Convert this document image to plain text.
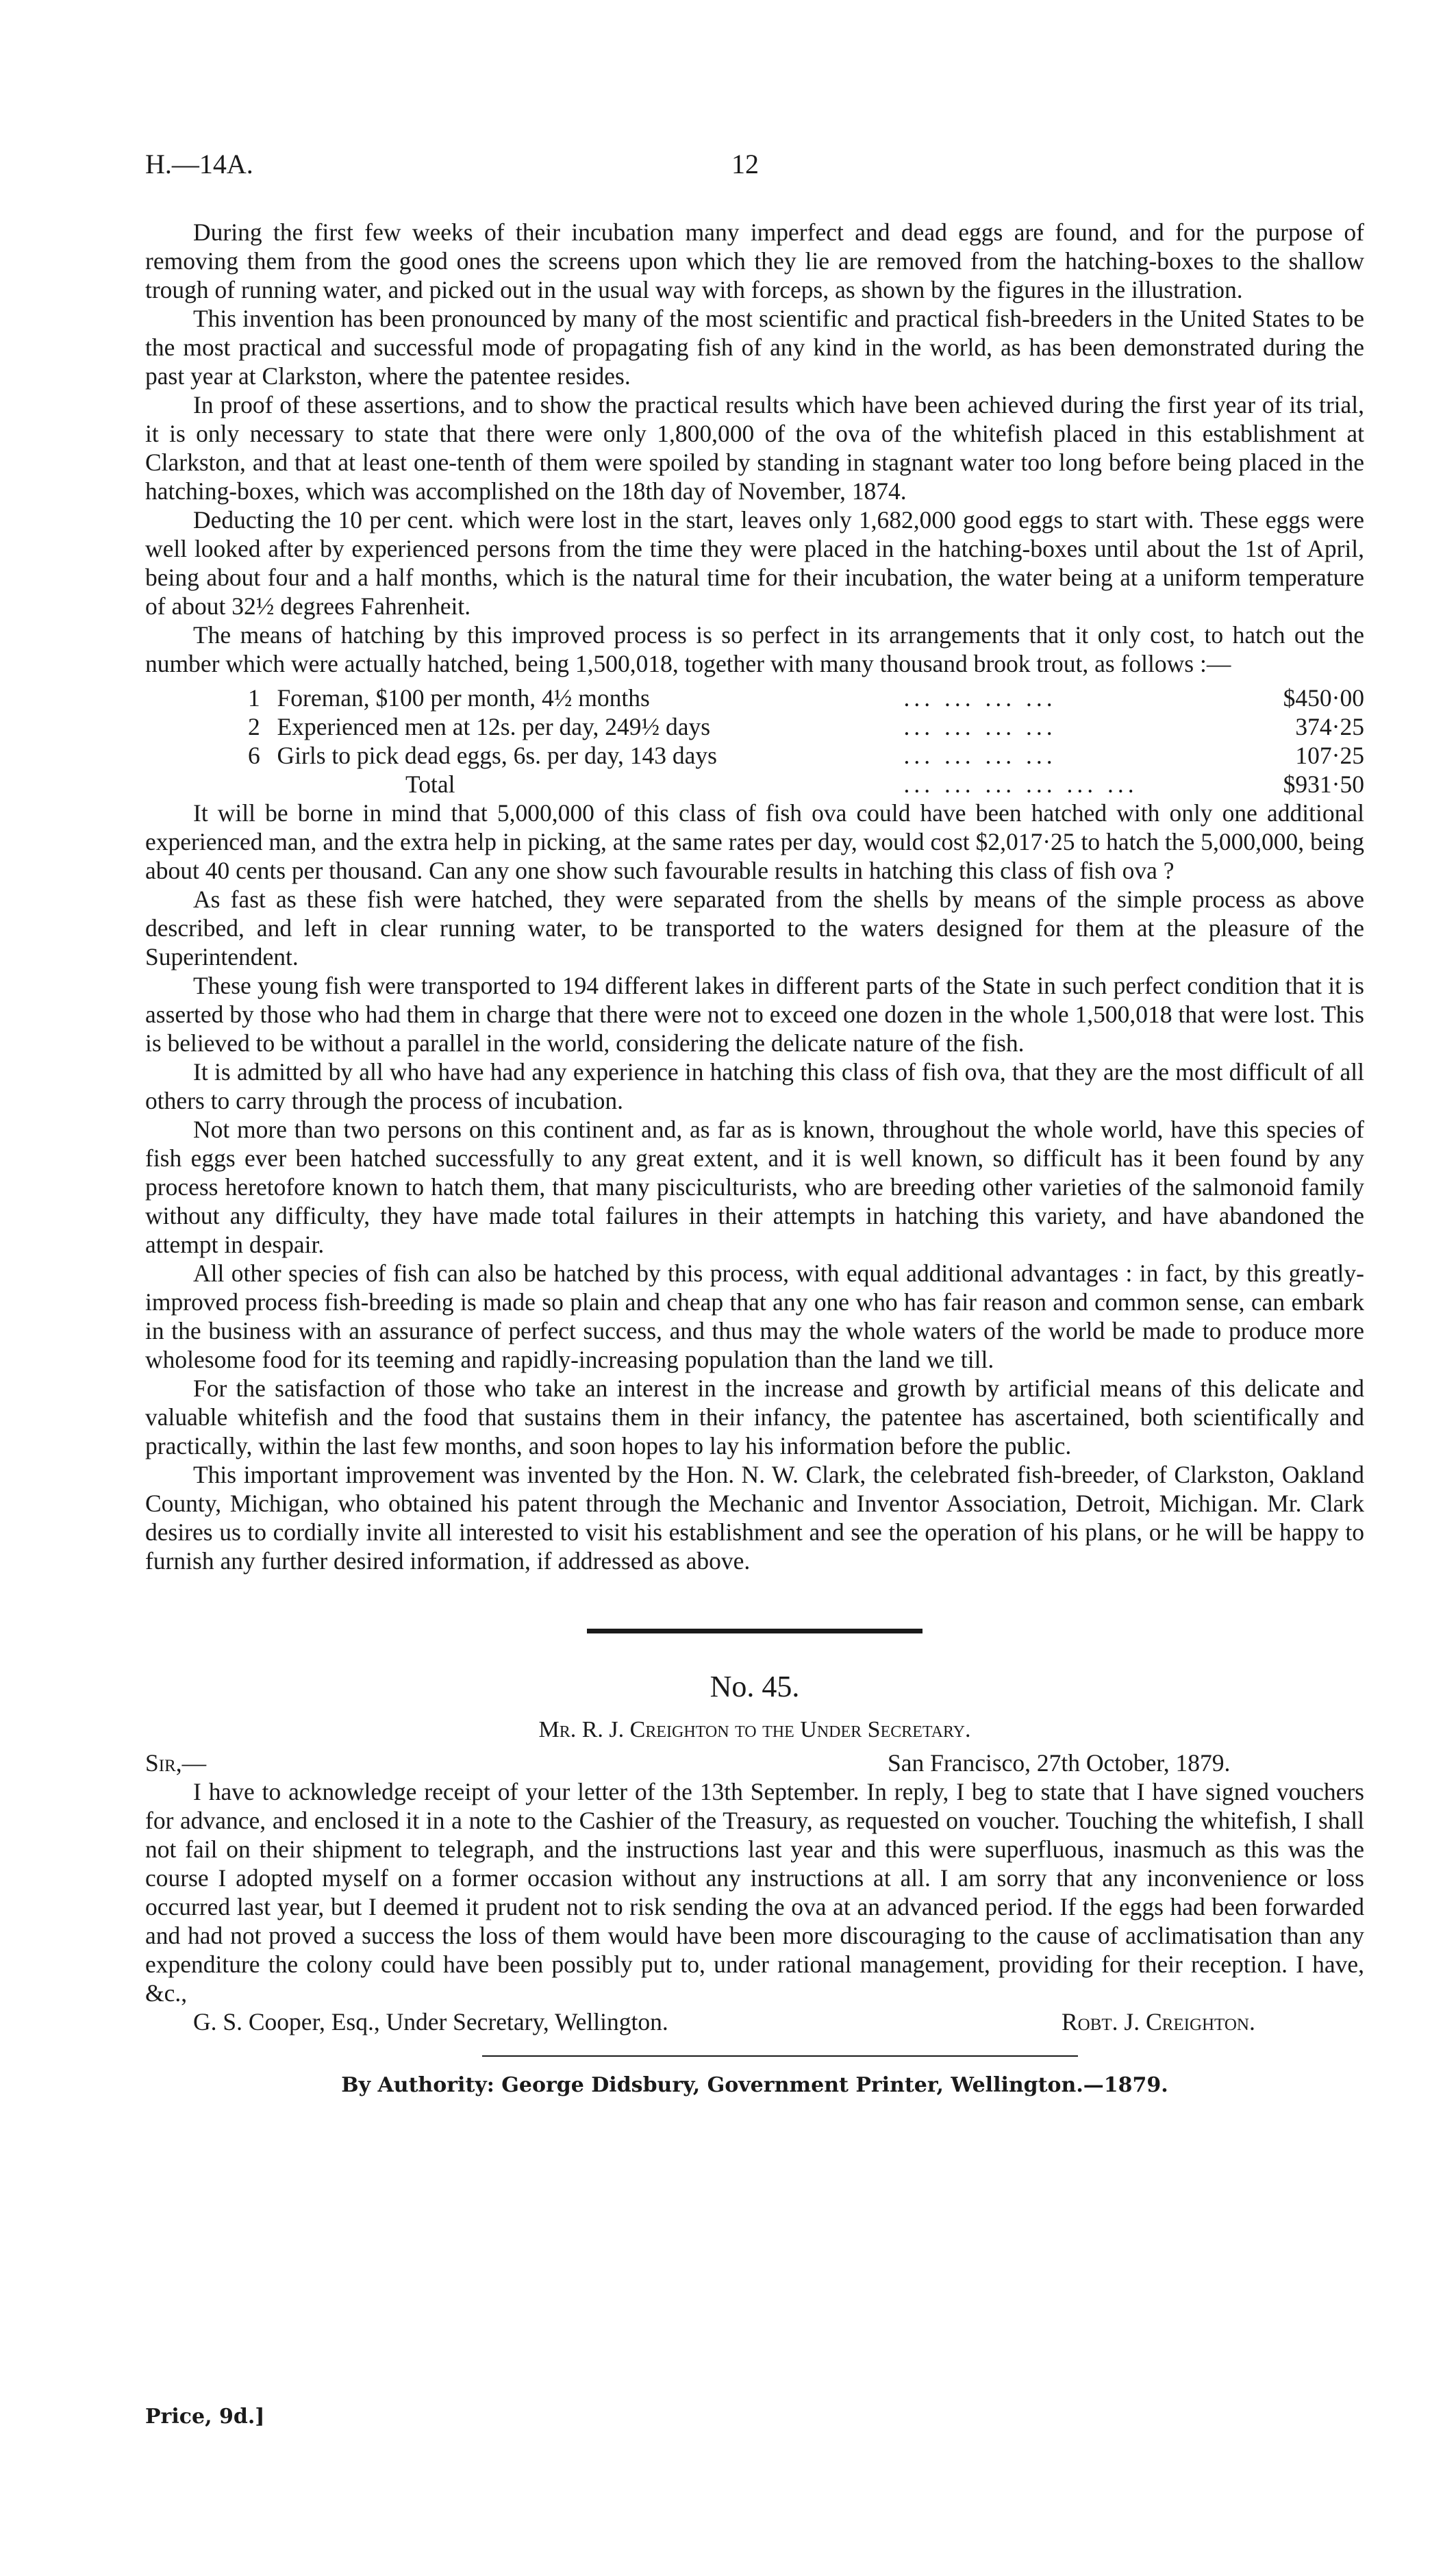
H.—14A.	12

During the first few weeks of their incubation many imperfect and dead eggs are found, and for the purpose of removing them from the good ones the screens upon which they lie are removed from the hatching-boxes to the shallow trough of running water, and picked out in the usual way with forceps, as shown by the figures in the illustration.

This invention has been pronounced by many of the most scientific and practical fish-breeders in the United States to be the most practical and successful mode of propagating fish of any kind in the world, as has been demonstrated during the past year at Clarkston, where the patentee resides.

In proof of these assertions, and to show the practical results which have been achieved during the first year of its trial, it is only necessary to state that there were only 1,800,000 of the ova of the whitefish placed in this establishment at Clarkston, and that at least one-tenth of them were spoiled by standing in stagnant water too long before being placed in the hatching-boxes, which was accomplished on the 18th day of November, 1874.

Deducting the 10 per cent. which were lost in the start, leaves only 1,682,000 good eggs to start with. These eggs were well looked after by experienced persons from the time they were placed in the hatching-boxes until about the 1st of April, being about four and a half months, which is the natural time for their incubation, the water being at a uniform temperature of about 32½ degrees Fahrenheit.

The means of hatching by this improved process is so perfect in its arrangements that it only cost, to hatch out the number which were actually hatched, being 1,500,018, together with many thousand brook trout, as follows :—

1	Foreman, $100 per month, 4½ months	... ... ... ...	$450·00
2	Experienced men at 12s. per day, 249½ days	... ... ... ...	374·25
6	Girls to pick dead eggs, 6s. per day, 143 days	... ... ... ...	107·25
Total		... ... ... ... ... ...	$931·50

It will be borne in mind that 5,000,000 of this class of fish ova could have been hatched with only one additional experienced man, and the extra help in picking, at the same rates per day, would cost $2,017·25 to hatch the 5,000,000, being about 40 cents per thousand. Can any one show such favourable results in hatching this class of fish ova ?

As fast as these fish were hatched, they were separated from the shells by means of the simple process as above described, and left in clear running water, to be transported to the waters designed for them at the pleasure of the Superintendent.

These young fish were transported to 194 different lakes in different parts of the State in such perfect condition that it is asserted by those who had them in charge that there were not to exceed one dozen in the whole 1,500,018 that were lost. This is believed to be without a parallel in the world, considering the delicate nature of the fish.

It is admitted by all who have had any experience in hatching this class of fish ova, that they are the most difficult of all others to carry through the process of incubation.

Not more than two persons on this continent and, as far as is known, throughout the whole world, have this species of fish eggs ever been hatched successfully to any great extent, and it is well known, so difficult has it been found by any process heretofore known to hatch them, that many pisciculturists, who are breeding other varieties of the salmonoid family without any difficulty, they have made total failures in their attempts in hatching this variety, and have abandoned the attempt in despair.

All other species of fish can also be hatched by this process, with equal additional advantages : in fact, by this greatly-improved process fish-breeding is made so plain and cheap that any one who has fair reason and common sense, can embark in the business with an assurance of perfect success, and thus may the whole waters of the world be made to produce more wholesome food for its teeming and rapidly-increasing population than the land we till.

For the satisfaction of those who take an interest in the increase and growth by artificial means of this delicate and valuable whitefish and the food that sustains them in their infancy, the patentee has ascertained, both scientifically and practically, within the last few months, and soon hopes to lay his information before the public.

This important improvement was invented by the Hon. N. W. Clark, the celebrated fish-breeder, of Clarkston, Oakland County, Michigan, who obtained his patent through the Mechanic and Inventor Association, Detroit, Michigan. Mr. Clark desires us to cordially invite all interested to visit his establishment and see the operation of his plans, or he will be happy to furnish any further desired information, if addressed as above.

No. 45.
Mr. R. J. Creighton to the Under Secretary.
Sir,—	San Francisco, 27th October, 1879.

I have to acknowledge receipt of your letter of the 13th September. In reply, I beg to state that I have signed vouchers for advance, and enclosed it in a note to the Cashier of the Treasury, as requested on voucher. Touching the whitefish, I shall not fail on their shipment to telegraph, and the instructions last year and this were superfluous, inasmuch as this was the course I adopted myself on a former occasion without any instructions at all. I am sorry that any inconvenience or loss occurred last year, but I deemed it prudent not to risk sending the ova at an advanced period. If the eggs had been forwarded and had not proved a success the loss of them would have been more discouraging to the cause of acclimatisation than any expenditure the colony could have been possibly put to, under rational management, providing for their reception. I have, &c.,

G. S. Cooper, Esq., Under Secretary, Wellington.	Robt. J. Creighton.
By Authority: George Didsbury, Government Printer, Wellington.—1879.
Price, 9d.]
